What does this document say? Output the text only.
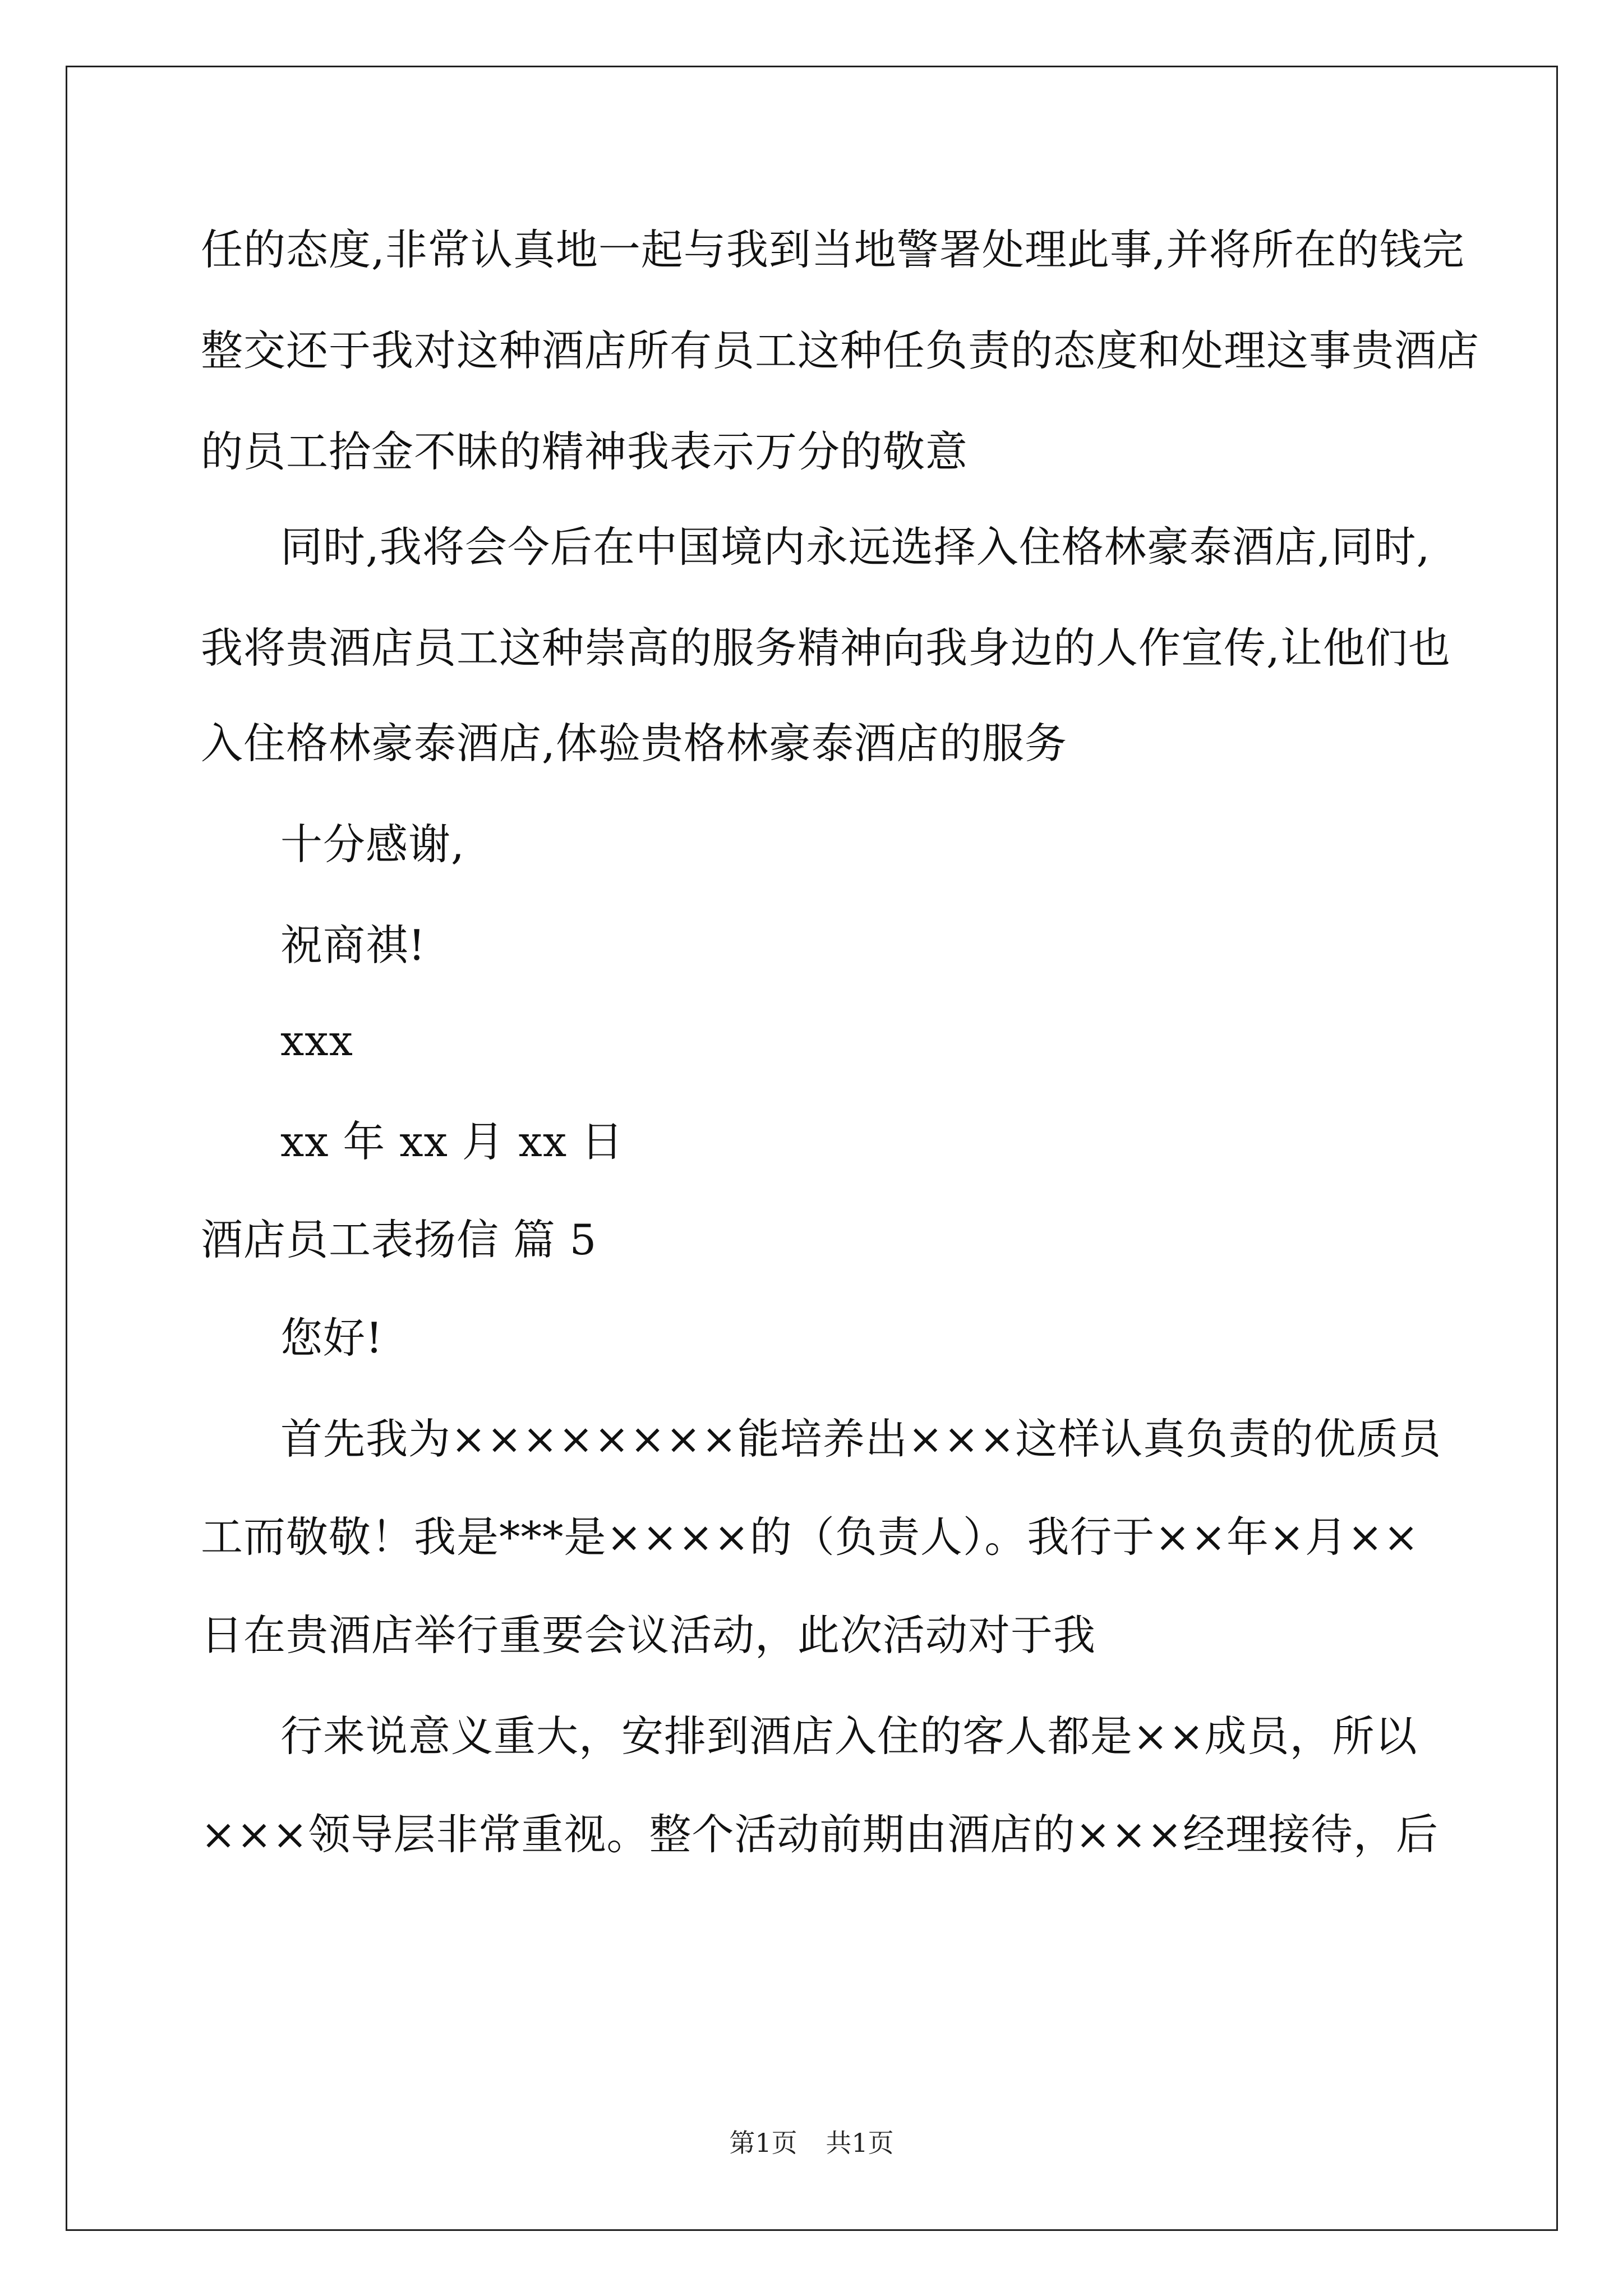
任的态度,非常认真地一起与我到当地警署处理此事,并将所在的钱完
整交还于我对这种酒店所有员工这种任负责的态度和处理这事贵酒店
的员工拾金不昧的精神我表示万分的敬意
同时,我将会今后在中国境内永远选择入住格林豪泰酒店,同时,
我将贵酒店员工这种崇高的服务精神向我身边的人作宣传,让他们也
入住格林豪泰酒店,体验贵格林豪泰酒店的服务
十分感谢,
祝商祺!
xxx
xx 年 xx 月 xx 日
酒店员工表扬信 篇 5
您好!
首先我为××××××××能培养出×××这样认真负责的优质员
工而敬敬！我是***是××××的（负责人）。我行于××年×月××
日在贵酒店举行重要会议活动，此次活动对于我
行来说意义重大，安排到酒店入住的客人都是××成员，所以
×××领导层非常重视。整个活动前期由酒店的×××经理接待，后
第1页 共1页
